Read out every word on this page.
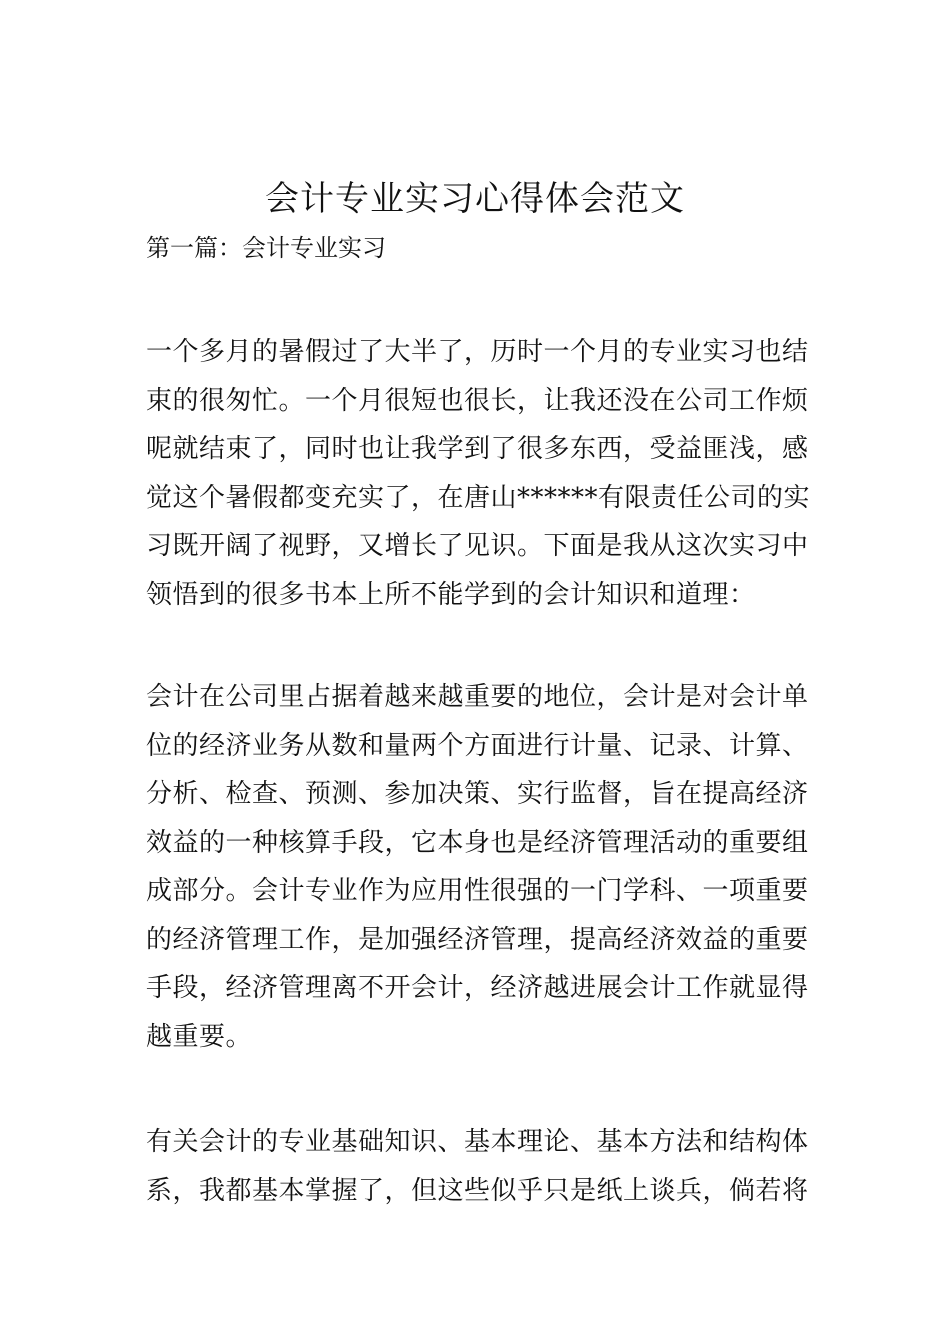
会计专业实习心得体会范文

第一篇：会计专业实习

一个多月的暑假过了大半了，历时一个月的专业实习也结
束的很匆忙。一个月很短也很长，让我还没在公司工作烦
呢就结束了，同时也让我学到了很多东西，受益匪浅，感
觉这个暑假都变充实了，在唐山******有限责任公司的实
习既开阔了视野，又增长了见识。下面是我从这次实习中
领悟到的很多书本上所不能学到的会计知识和道理：

会计在公司里占据着越来越重要的地位，会计是对会计单
位的经济业务从数和量两个方面进行计量、记录、计算、
分析、检查、预测、参加决策、实行监督，旨在提高经济
效益的一种核算手段，它本身也是经济管理活动的重要组
成部分。会计专业作为应用性很强的一门学科、一项重要
的经济管理工作，是加强经济管理，提高经济效益的重要
手段，经济管理离不开会计，经济越进展会计工作就显得
越重要。

有关会计的专业基础知识、基本理论、基本方法和结构体
系，我都基本掌握了，但这些似乎只是纸上谈兵，倘若将
